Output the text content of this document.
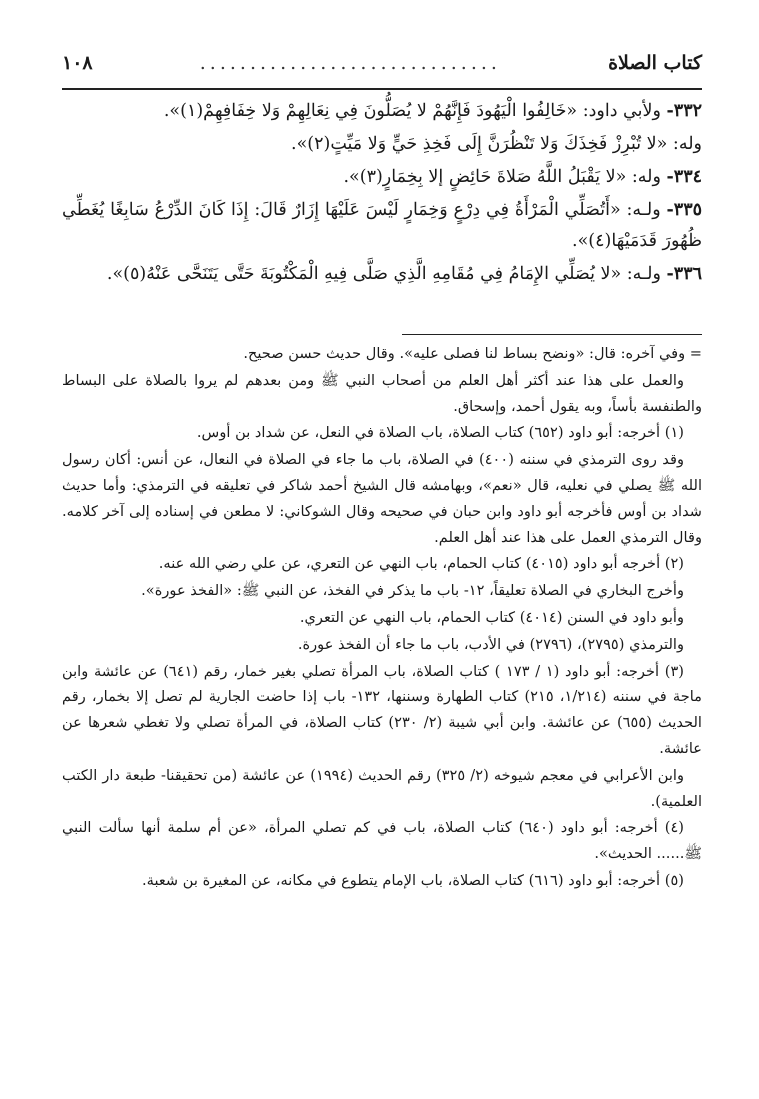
كتاب الصلاة
..............................
١٠٨
٣٣٢- ولأبي داود: «خَالِفُوا الْيَهُودَ فَإِنَّهُمْ لا يُصَلُّونَ فِي نِعَالِهِمْ وَلا خِفَافِهِمْ(١)».
وله: «لا تُبْرِزْ فَخِذَكَ وَلا تَنْظُرَنَّ إِلَى فَخِذِ حَيٍّ وَلا مَيِّتٍ(٢)».
٣٣٤- وله: «لا يَقْبَلُ اللَّهُ صَلاةَ حَائِضٍ إلا بِخِمَارٍ(٣)».
٣٣٥- ولـه: «أَتُصَلِّي الْمَرْأَةُ فِي دِرْعٍ وَخِمَارٍ لَيْسَ عَلَيْهَا إِزَارٌ قَالَ: إِذَا كَانَ الدِّرْعُ سَابِغًا يُغَطِّي ظُهُورَ قَدَمَيْهَا(٤)».
٣٣٦- ولـه: «لا يُصَلِّي الإِمَامُ فِي مُقَامِهِ الَّذِي صَلَّى فِيهِ الْمَكْتُوبَةَ حَتَّى يَتَنَحَّى عَنْهُ(٥)».

= وفي آخره: قال: «ونضح بساط لنا فصلى عليه». وقال حديث حسن صحيح.

والعمل على هذا عند أكثر أهل العلم من أصحاب النبي ﷺ ومن بعدهم لم يروا بالصلاة على البساط والطنفسة بأساً، وبه يقول أحمد، وإسحاق.

(١) أخرجه: أبو داود (٦٥٢) كتاب الصلاة، باب الصلاة في النعل، عن شداد بن أوس.

وقد روى الترمذي في سننه (٤٠٠) في الصلاة، باب ما جاء في الصلاة في النعال، عن أنس: أكان رسول الله ﷺ يصلي في نعليه، قال «نعم»، وبهامشه قال الشيخ أحمد شاكر في تعليقه في الترمذي: وأما حديث شداد بن أوس فأخرجه أبو داود وابن حبان في صحيحه وقال الشوكاني: لا مطعن في إسناده إلى آخر كلامه. وقال الترمذي العمل على هذا عند أهل العلم.

(٢) أخرجه أبو داود (٤٠١٥) كتاب الحمام، باب النهي عن التعري، عن علي رضي الله عنه.

وأخرج البخاري في الصلاة تعليقاً، ١٢- باب ما يذكر في الفخذ، عن النبي ﷺ: «الفخذ عورة».

وأبو داود في السنن (٤٠١٤) كتاب الحمام، باب النهي عن التعري.

والترمذي (٢٧٩٥)، (٢٧٩٦) في الأدب، باب ما جاء أن الفخذ عورة.

(٣) أخرجه: أبو داود (١ / ١٧٣ ) كتاب الصلاة، باب المرأة تصلي بغير خمار، رقم (٦٤١) عن عائشة وابن ماجة في سننه (١/٢١٤، ٢١٥) كتاب الطهارة وسننها، ١٣٢- باب إذا حاضت الجارية لم تصل إلا بخمار، رقم الحديث (٦٥٥) عن عائشة. وابن أبي شيبة (٢/ ٢٣٠) كتاب الصلاة، في المرأة تصلي ولا تغطي شعرها عن عائشة.

وابن الأعرابي في معجم شيوخه (٢/ ٣٢٥) رقم الحديث (١٩٩٤) عن عائشة (من تحقيقنا- طبعة دار الكتب العلمية).

(٤) أخرجه: أبو داود (٦٤٠) كتاب الصلاة، باب في كم تصلي المرأة، «عن أم سلمة أنها سألت النبي ﷺ...... الحديث».

(٥) أخرجه: أبو داود (٦١٦) كتاب الصلاة، باب الإمام يتطوع في مكانه، عن المغيرة بن شعبة.
